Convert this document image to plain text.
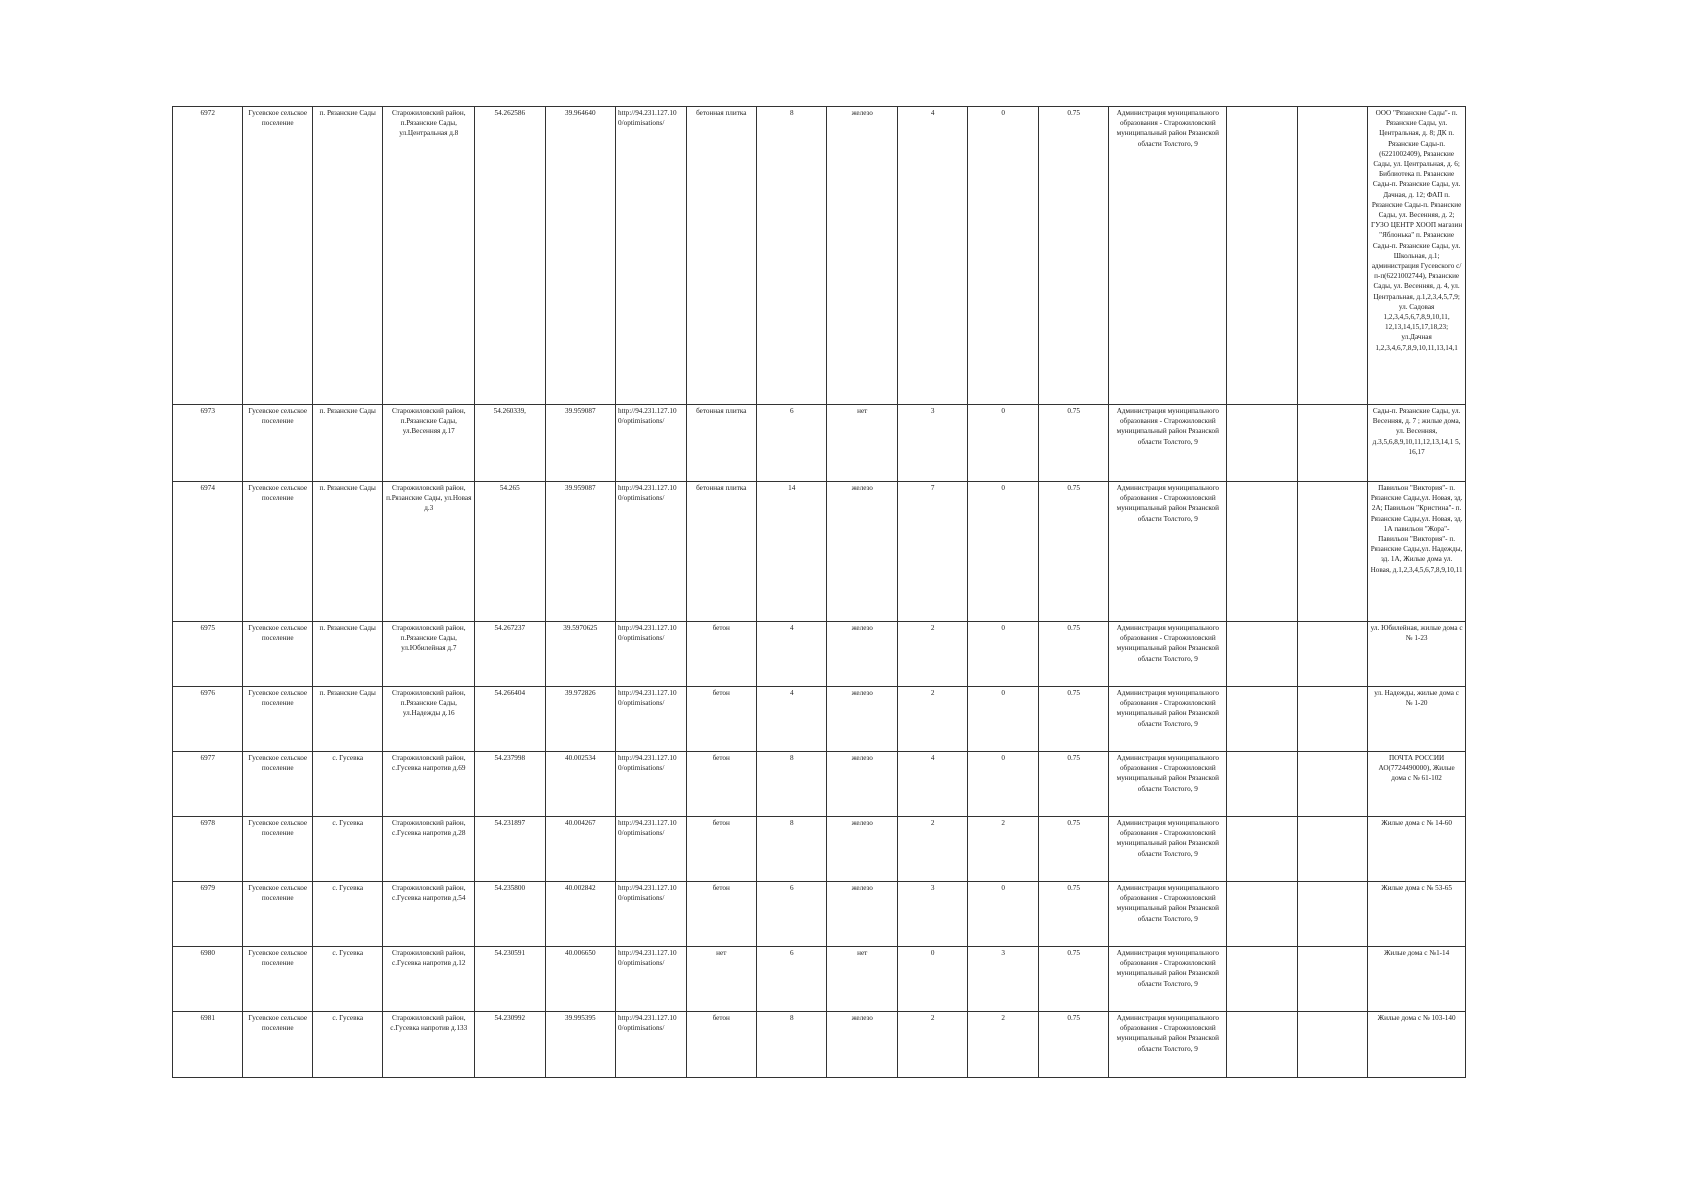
6972	Гусевское сельское поселение	п. Рязанские Сады	Старожиловский район, п.Рязанские Сады, ул.Центральная д.8	54.262586	39.964640	http://94.231.127.10 0/optimisations/	бетонная плитка	8	железо	4	0	0.75	Администрация муниципального образования - Старожиловский муниципальный район Рязанской области Толстого, 9			ООО "Рязанские Сады"- п. Рязанские Сады, ул. Центральная, д. 8; ДК п. Рязанские Сады-п. (6221002409), Рязанские Сады, ул. Центральная, д. 6; Библиотека п. Рязанские Сады-п. Рязанские Сады, ул. Дачная, д. 12; ФАП п. Рязанские Сады-п. Рязанские Сады, ул. Весенняя, д. 2; ГУЗО ЦЕНТР ХООП магазин "Яблонька" п. Рязанские Сады-п. Рязанские Сады, ул. Школьная, д.1; администрация Гусевского с/п-п(6221002744), Рязанские Сады, ул. Весенняя, д. 4, ул. Центральная, д.1,2,3,4,5,7,9; ул. Садовая 1,2,3,4,5,6,7,8,9,10,11, 12,13,14,15,17,18,23; ул.Дачная 1,2,3,4,6,7,8,9,10,11,13,14,1
6973	Гусевское сельское поселение	п. Рязанские Сады	Старожиловский район, п.Рязанские Сады, ул.Весенняя д.17	54.260339,	39.959087	http://94.231.127.10 0/optimisations/	бетонная плитка	6	нет	3	0	0.75	Администрация муниципального образования - Старожиловский муниципальный район Рязанской области Толстого, 9			Сады-п. Рязанские Сады, ул. Весенняя, д. 7 ; жилые дома, ул. Весенняя, д.3,5,6,8,9,10,11,12,13,14,1 5, 16,17
6974	Гусевское сельское поселение	п. Рязанские Сады	Старожиловский район, п.Рязанские Сады, ул.Новая д.3	54.265	39.959087	http://94.231.127.10 0/optimisations/	бетонная плитка	14	железо	7	0	0.75	Администрация муниципального образования - Старожиловский муниципальный район Рязанской области Толстого, 9			Павильон "Виктория"- п. Рязанские Сады,ул. Новая, зд. 2А; Павильон "Кристина"- п. Рязанские Сады,ул. Новая, зд. 1А павильон "Жора"- Павильон "Виктория"- п. Рязанские Сады,ул. Надежды, зд. 1А, Жилые дома ул. Новая, д.1,2,3,4,5,6,7,8,9,10,11
6975	Гусевское сельское поселение	п. Рязанские Сады	Старожиловский район, п.Рязанские Сады, ул.Юбилейная д.7	54.267237	39.5970625	http://94.231.127.10 0/optimisations/	бетон	4	железо	2	0	0.75	Администрация муниципального образования - Старожиловский муниципальный район Рязанской области Толстого, 9			ул. Юбилейная, жилые дома с № 1-23
6976	Гусевское сельское поселение	п. Рязанские Сады	Старожиловский район, п.Рязанские Сады, ул.Надежды д.16	54.266404	39.972826	http://94.231.127.10 0/optimisations/	бетон	4	железо	2	0	0.75	Администрация муниципального образования - Старожиловский муниципальный район Рязанской области Толстого, 9			ул. Надежды, жилые дома с № 1-20
6977	Гусевское сельское поселение	с. Гусевка	Старожиловский район, с.Гусевка напротив д.69	54.237998	40.002534	http://94.231.127.10 0/optimisations/	бетон	8	железо	4	0	0.75	Администрация муниципального образования - Старожиловский муниципальный район Рязанской области Толстого, 9			ПОЧТА РОССИИ АО(7724490000), Жилые дома с № 61-102
6978	Гусевское сельское поселение	с. Гусевка	Старожиловский район, с.Гусевка напротив д.28	54.231897	40.004267	http://94.231.127.10 0/optimisations/	бетон	8	железо	2	2	0.75	Администрация муниципального образования - Старожиловский муниципальный район Рязанской области Толстого, 9			Жилые дома с № 14-60
6979	Гусевское сельское поселение	с. Гусевка	Старожиловский район, с.Гусевка напротив д.54	54.235800	40.002842	http://94.231.127.10 0/optimisations/	бетон	6	железо	3	0	0.75	Администрация муниципального образования - Старожиловский муниципальный район Рязанской области Толстого, 9			Жилые дома с № 53-65
6980	Гусевское сельское поселение	с. Гусевка	Старожиловский район, с.Гусевка напротив д.12	54.230591	40.006650	http://94.231.127.10 0/optimisations/	нет	6	нет	0	3	0.75	Администрация муниципального образования - Старожиловский муниципальный район Рязанской области Толстого, 9			Жилые дома с №1-14
6981	Гусевское сельское поселение	с. Гусевка	Старожиловский район, с.Гусевка напротив д.133	54.230992	39.995395	http://94.231.127.10 0/optimisations/	бетон	8	железо	2	2	0.75	Администрация муниципального образования - Старожиловский муниципальный район Рязанской области Толстого, 9			Жилые дома с № 103-140
